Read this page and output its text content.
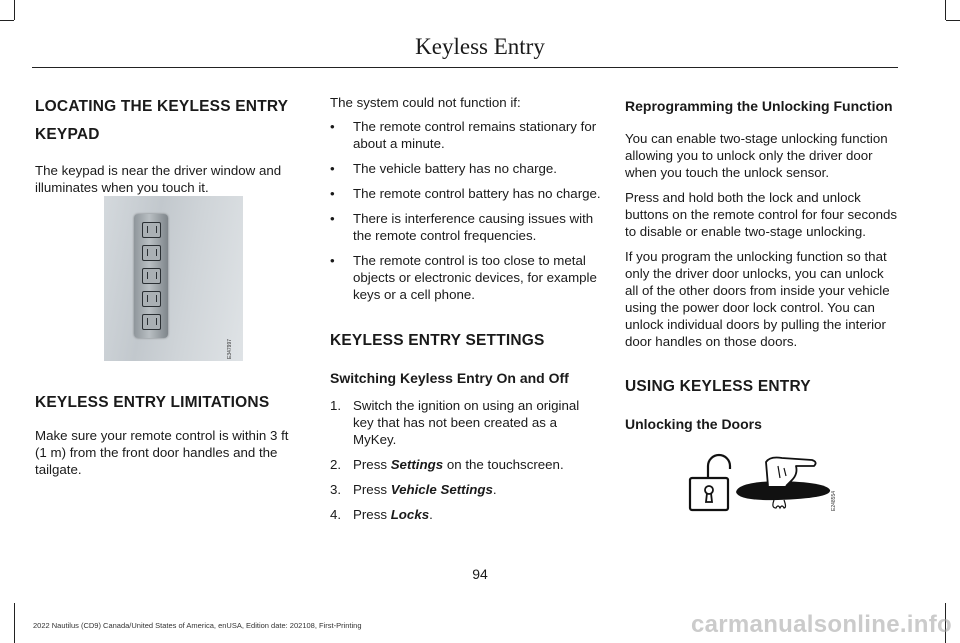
Keyless Entry
LOCATING THE KEYLESS ENTRY
KEYPAD

The keypad is near the driver window and illuminates when you touch it.

KEYLESS ENTRY LIMITATIONS

Make sure your remote control is within 3 ft (1 m) from the front door handles and the tailgate.

E347997

The system could not function if:

• The remote control remains stationary for about a minute.
• The vehicle battery has no charge.
• The remote control battery has no charge.
• There is interference causing issues with the remote control frequencies.
• The remote control is too close to metal objects or electronic devices, for example keys or a cell phone.
KEYLESS ENTRY SETTINGS
Switching Keyless Entry On and Off
1. Switch the ignition on using an original key that has not been created as a MyKey.
2. Press Settings on the touchscreen.
3. Press Vehicle Settings.
4. Press Locks.
Reprogramming the Unlocking Function

You can enable two-stage unlocking function allowing you to unlock only the driver door when you touch the unlock sensor.

Press and hold both the lock and unlock buttons on the remote control for four seconds to disable or enable two-stage unlocking.

If you program the unlocking function so that only the driver door unlocks, you can unlock all of the other doors from inside your vehicle using the power door lock control. You can unlock individual doors by pulling the interior door handles on those doors.

USING KEYLESS ENTRY
Unlocking the Doors
E248554
94
2022 Nautilus (CD9) Canada/United States of America, enUSA, Edition date: 202108, First-Printing	carmanualsonline.info
